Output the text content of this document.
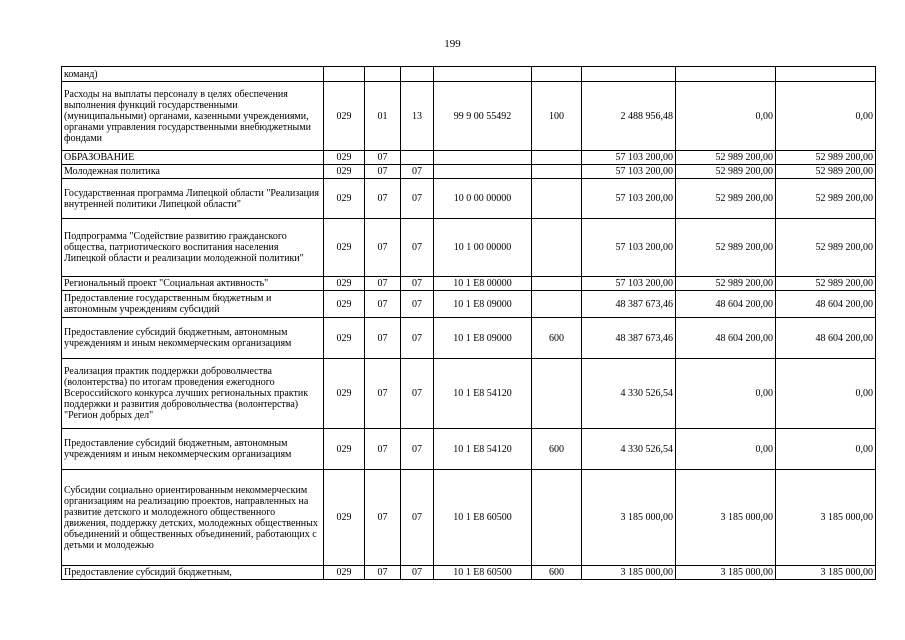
199
команд)								
Расходы на выплаты персоналу в целях обеспечения выполнения функций государственными (муниципальными) органами, казенными учреждениями, органами управления государственными внебюджетными фондами	029	01	13	99 9 00 55492	100	2 488 956,48	0,00	0,00
ОБРАЗОВАНИЕ	029	07				57 103 200,00	52 989 200,00	52 989 200,00
Молодежная политика	029	07	07			57 103 200,00	52 989 200,00	52 989 200,00
Государственная программа Липецкой области "Реализация внутренней политики Липецкой области"	029	07	07	10 0 00 00000		57 103 200,00	52 989 200,00	52 989 200,00
Подпрограмма "Содействие развитию гражданского общества, патриотического воспитания населения Липецкой области и реализации молодежной политики"	029	07	07	10 1 00 00000		57 103 200,00	52 989 200,00	52 989 200,00
Региональный проект "Социальная активность"	029	07	07	10 1 E8 00000		57 103 200,00	52 989 200,00	52 989 200,00
Предоставление государственным бюджетным и автономным учреждениям субсидий	029	07	07	10 1 E8 09000		48 387 673,46	48 604 200,00	48 604 200,00
Предоставление субсидий бюджетным, автономным учреждениям и иным некоммерческим организациям	029	07	07	10 1 E8 09000	600	48 387 673,46	48 604 200,00	48 604 200,00
Реализация практик поддержки добровольчества (волонтерства) по итогам проведения ежегодного Всероссийского конкурса лучших региональных практик поддержки и развития добровольчества (волонтерства) "Регион добрых дел"	029	07	07	10 1 E8 54120		4 330 526,54	0,00	0,00
Предоставление субсидий бюджетным, автономным учреждениям и иным некоммерческим организациям	029	07	07	10 1 E8 54120	600	4 330 526,54	0,00	0,00
Субсидии социально ориентированным некоммерческим организациям на реализацию проектов, направленных на развитие детского и молодежного общественного движения, поддержку детских, молодежных общественных объединений и общественных объединений, работающих с детьми и молодежью	029	07	07	10 1 E8 60500		3 185 000,00	3 185 000,00	3 185 000,00
Предоставление субсидий бюджетным,	029	07	07	10 1 E8 60500	600	3 185 000,00	3 185 000,00	3 185 000,00
